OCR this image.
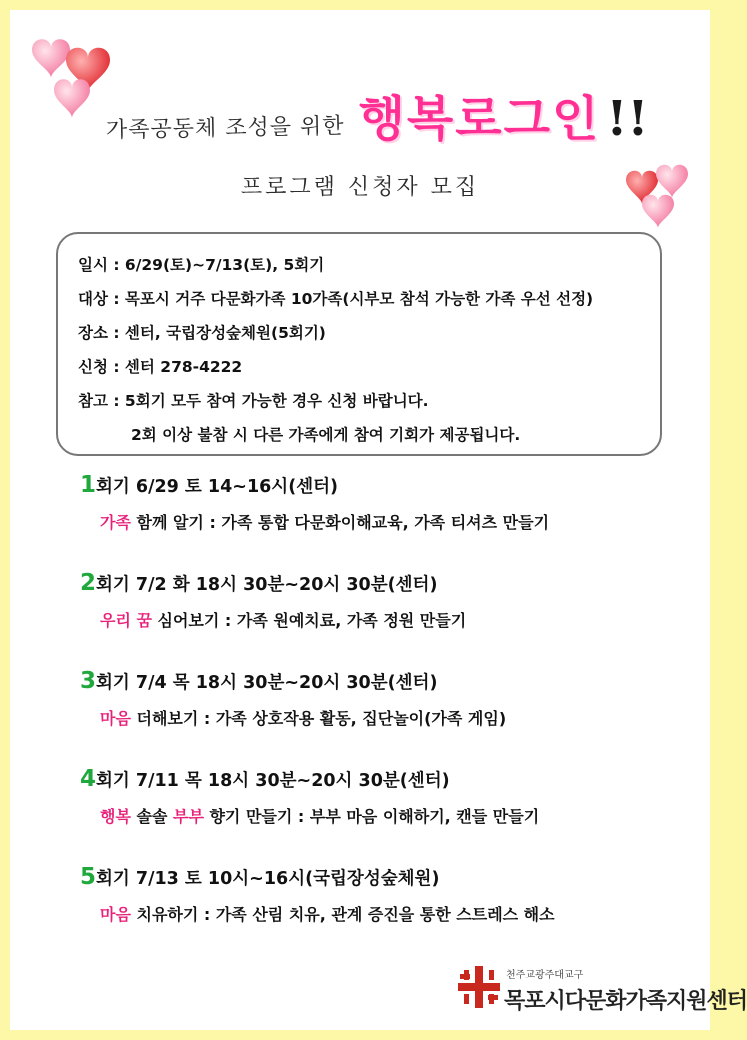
가족공동체 조성을 위한 행복로그인 !!
프로그램 신청자 모집
일시 : 6/29(토)~7/13(토), 5회기
대상 : 목포시 거주 다문화가족 10가족(시부모 참석 가능한 가족 우선 선정)
장소 : 센터, 국립장성숲체원(5회기)
신청 : 센터 278-4222
참고 : 5회기 모두 참여 가능한 경우 신청 바랍니다.
2회 이상 불참 시 다른 가족에게 참여 기회가 제공됩니다.
1회기 6/29 토 14~16시(센터)
가족 함께 알기 : 가족 통합 다문화이해교육, 가족 티셔츠 만들기
2회기 7/2 화 18시 30분~20시 30분(센터)
우리 꿈 심어보기 : 가족 원예치료, 가족 정원 만들기
3회기 7/4 목 18시 30분~20시 30분(센터)
마음 더해보기 : 가족 상호작용 활동, 집단놀이(가족 게임)
4회기 7/11 목 18시 30분~20시 30분(센터)
행복 솔솔 부부 향기 만들기 : 부부 마음 이해하기, 캔들 만들기
5회기 7/13 토 10시~16시(국립장성숲체원)
마음 치유하기 : 가족 산림 치유, 관계 증진을 통한 스트레스 해소
천주교광주대교구
목포시다문화가족지원센터
